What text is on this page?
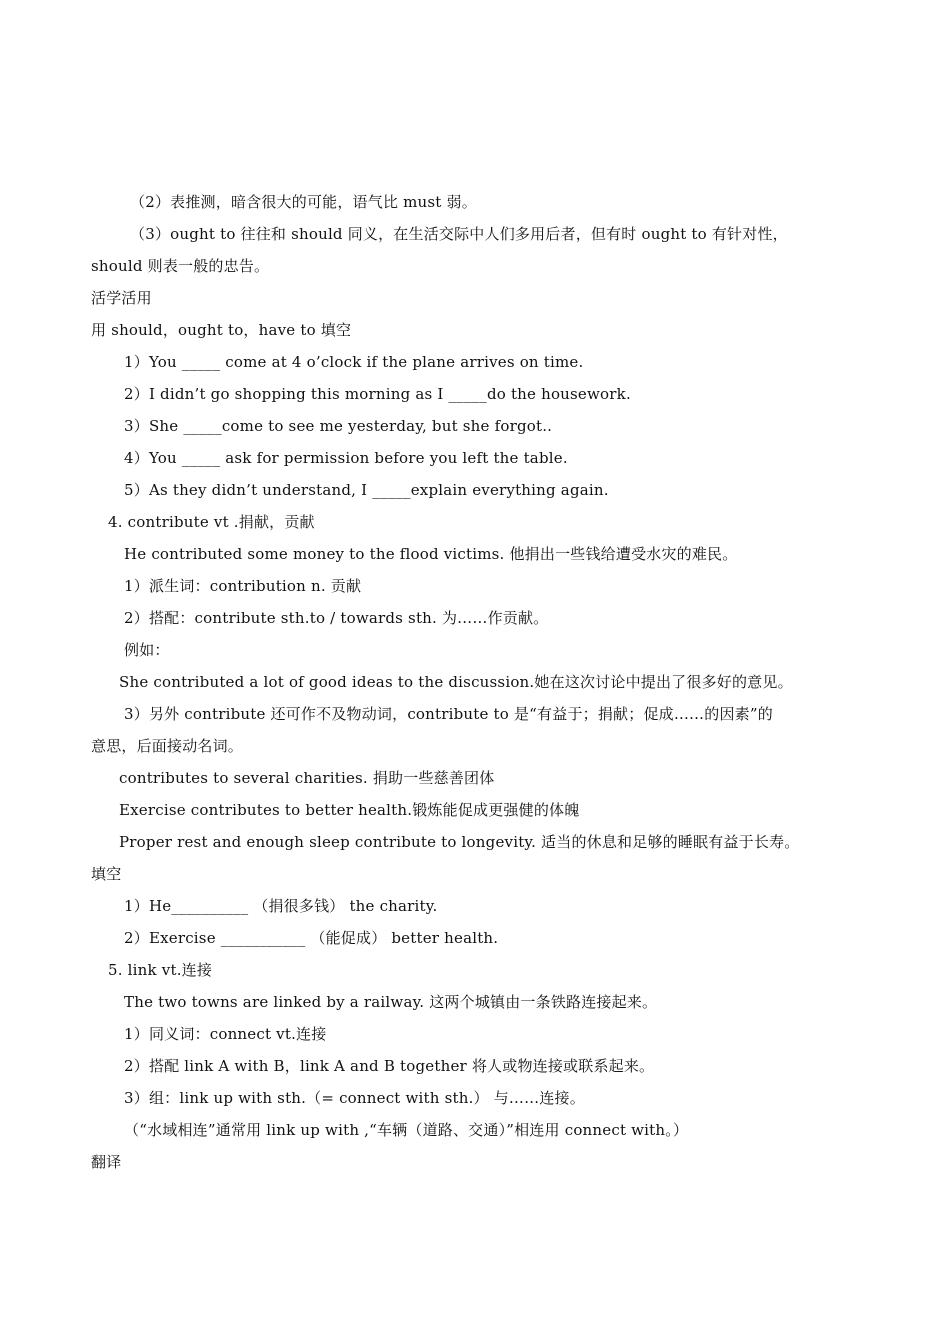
（2）表推测，暗含很大的可能，语气比 must 弱。
（3）ought to 往往和 should 同义，在生活交际中人们多用后者，但有时 ought to 有针对性，
should 则表一般的忠告。
活学活用
用 should，ought to，have to 填空
1）You _____ come at 4 o’clock if the plane arrives on time.
2）I didn’t go shopping this morning as I _____do the housework.
3）She _____come to see me yesterday, but she forgot..
4）You _____ ask for permission before you left the table.
5）As they didn’t understand, I _____explain everything again.
4. contribute vt .捐献，贡献
He contributed some money to the flood victims. 他捐出一些钱给遭受水灾的难民。
1）派生词：contribution n. 贡献
2）搭配：contribute sth.to / towards sth. 为……作贡献。
例如：
She contributed a lot of good ideas to the discussion.她在这次讨论中提出了很多好的意见。
3）另外 contribute 还可作不及物动词，contribute to 是“有益于；捐献；促成……的因素”的
意思，后面接动名词。
contributes to several charities. 捐助一些慈善团体
Exercise contributes to better health.锻炼能促成更强健的体魄
Proper rest and enough sleep contribute to longevity. 适当的休息和足够的睡眠有益于长寿。
填空
1）He__________ （捐很多钱） the charity.
2）Exercise ___________ （能促成） better health.
5. link vt.连接
The two towns are linked by a railway. 这两个城镇由一条铁路连接起来。
1）同义词：connect vt.连接
2）搭配 link A with B，link A and B together 将人或物连接或联系起来。
3）组：link up with sth.（= connect with sth.） 与……连接。
（“水域相连”通常用 link up with ,“车辆（道路、交通）”相连用 connect with。）
翻译
